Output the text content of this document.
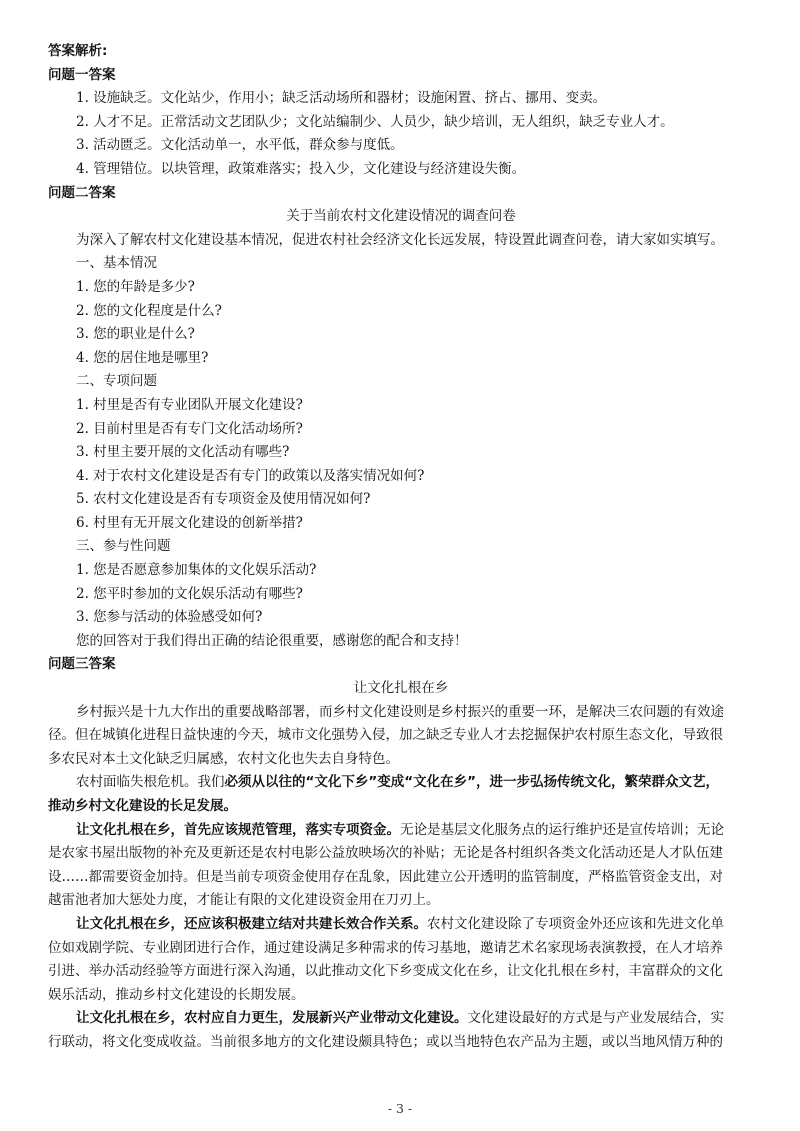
答案解析:
问题一答案
1. 设施缺乏。文化站少，作用小；缺乏活动场所和器材；设施闲置、挤占、挪用、变卖。
2. 人才不足。正常活动文艺团队少；文化站编制少、人员少，缺少培训，无人组织，缺乏专业人才。
3. 活动匮乏。文化活动单一，水平低，群众参与度低。
4. 管理错位。以块管理，政策难落实；投入少，文化建设与经济建设失衡。
问题二答案
关于当前农村文化建设情况的调查问卷
为深入了解农村文化建设基本情况，促进农村社会经济文化长远发展，特设置此调查问卷，请大家如实填写。
一、基本情况
1. 您的年龄是多少?
2. 您的文化程度是什么?
3. 您的职业是什么?
4. 您的居住地是哪里?
二、专项问题
1. 村里是否有专业团队开展文化建设?
2. 目前村里是否有专门文化活动场所?
3. 村里主要开展的文化活动有哪些?
4. 对于农村文化建设是否有专门的政策以及落实情况如何?
5. 农村文化建设是否有专项资金及使用情况如何?
6. 村里有无开展文化建设的创新举措?
三、参与性问题
1. 您是否愿意参加集体的文化娱乐活动?
2. 您平时参加的文化娱乐活动有哪些?
3. 您参与活动的体验感受如何?
您的回答对于我们得出正确的结论很重要，感谢您的配合和支持！
问题三答案
让文化扎根在乡
乡村振兴是十九大作出的重要战略部署，而乡村文化建设则是乡村振兴的重要一环，是解决三农问题的有效途
径。但在城镇化进程日益快速的今天，城市文化强势入侵，加之缺乏专业人才去挖掘保护农村原生态文化，导致很
多农民对本土文化缺乏归属感，农村文化也失去自身特色。
农村面临失根危机。我们必须从以往的“文化下乡”变成“文化在乡”，进一步弘扬传统文化，繁荣群众文艺，
推动乡村文化建设的长足发展。
让文化扎根在乡，首先应该规范管理，落实专项资金。无论是基层文化服务点的运行维护还是宣传培训；无论
是农家书屋出版物的补充及更新还是农村电影公益放映场次的补贴；无论是各村组织各类文化活动还是人才队伍建
设……都需要资金加持。但是当前专项资金使用存在乱象，因此建立公开透明的监管制度，严格监管资金支出，对
越雷池者加大惩处力度，才能让有限的文化建设资金用在刀刃上。
让文化扎根在乡，还应该积极建立结对共建长效合作关系。农村文化建设除了专项资金外还应该和先进文化单
位如戏剧学院、专业剧团进行合作，通过建设满足多种需求的传习基地，邀请艺术名家现场表演教授，在人才培养
引进、举办活动经验等方面进行深入沟通，以此推动文化下乡变成文化在乡，让文化扎根在乡村，丰富群众的文化
娱乐活动，推动乡村文化建设的长期发展。
让文化扎根在乡，农村应自力更生，发展新兴产业带动文化建设。文化建设最好的方式是与产业发展结合，实
行联动，将文化变成收益。当前很多地方的文化建设颇具特色；或以当地特色农产品为主题，或以当地风情万种的
- 3 -
